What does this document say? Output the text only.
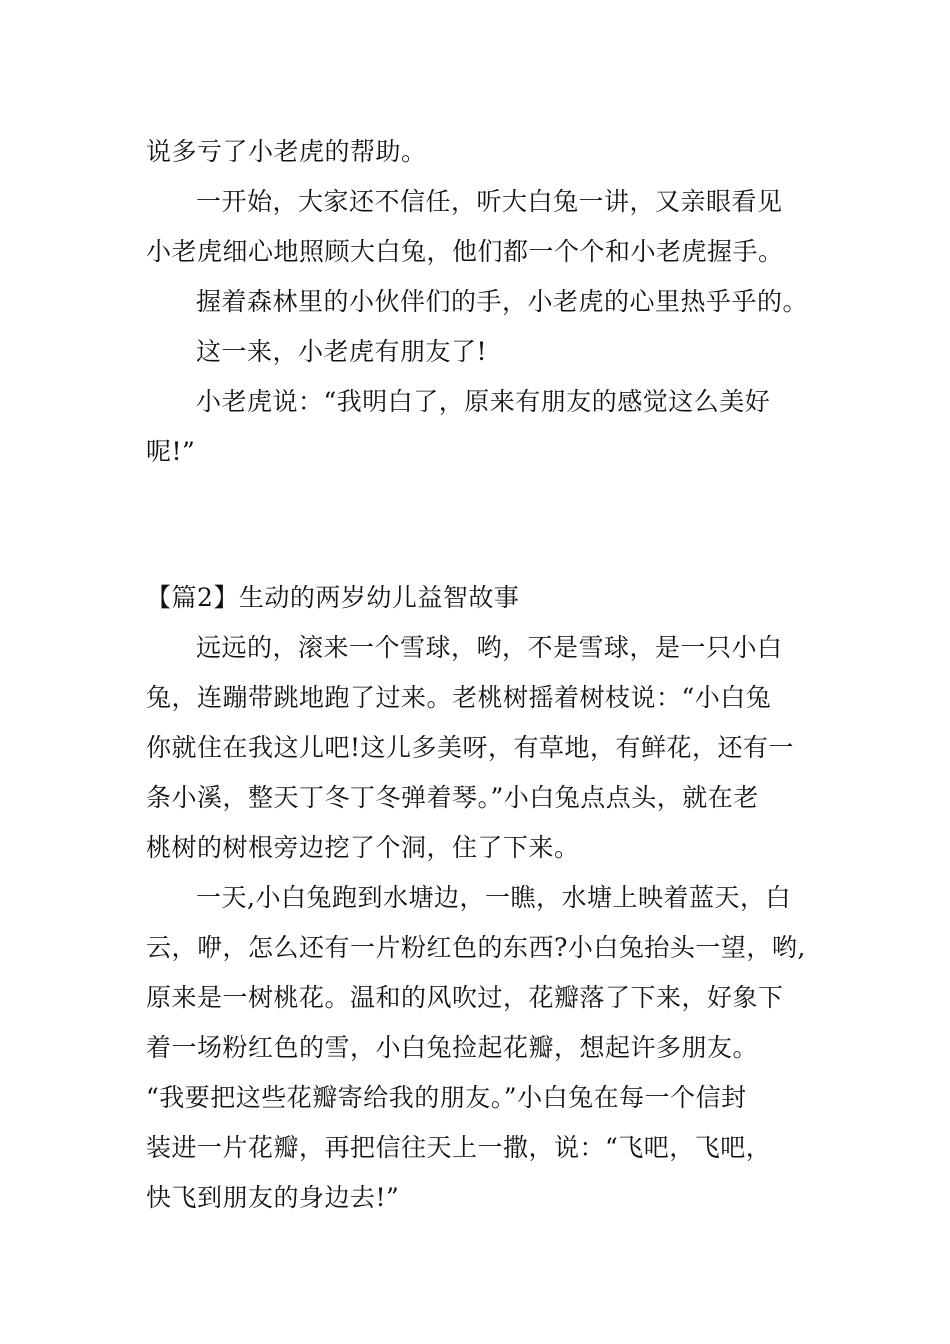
说多亏了小老虎的帮助。
一开始，大家还不信任，听大白兔一讲，又亲眼看见
小老虎细心地照顾大白兔，他们都一个个和小老虎握手。
握着森林里的小伙伴们的手，小老虎的心里热乎乎的。
这一来，小老虎有朋友了!
小老虎说：“我明白了，原来有朋友的感觉这么美好
呢!”
【篇2】生动的两岁幼儿益智故事
远远的，滚来一个雪球，哟，不是雪球，是一只小白
兔，连蹦带跳地跑了过来。老桃树摇着树枝说：“小白兔
你就住在我这儿吧!这儿多美呀，有草地，有鲜花，还有一
条小溪，整天丁冬丁冬弹着琴。”小白兔点点头，就在老
桃树的树根旁边挖了个洞，住了下来。
一天,小白兔跑到水塘边，一瞧，水塘上映着蓝天，白
云，咿，怎么还有一片粉红色的东西?小白兔抬头一望，哟,
原来是一树桃花。温和的风吹过，花瓣落了下来，好象下
着一场粉红色的雪，小白兔捡起花瓣，想起许多朋友。
“我要把这些花瓣寄给我的朋友。”小白兔在每一个信封
装进一片花瓣，再把信往天上一撒，说：“飞吧，飞吧，
快飞到朋友的身边去!”
